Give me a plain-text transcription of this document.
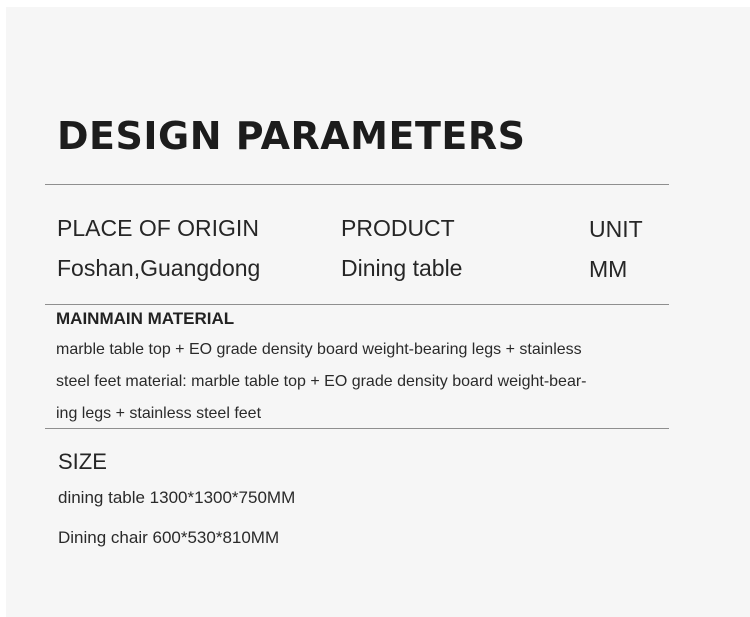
DESIGN PARAMETERS
PLACE OF ORIGIN	PRODUCT	UNIT
Foshan,Guangdong	Dining table	MM
MAINMAIN MATERIAL
marble table top + EO grade density board weight-bearing legs + stainless
steel feet material: marble table top + EO grade density board weight-bear-
ing legs + stainless steel feet
SIZE
dining table 1300*1300*750MM
Dining chair 600*530*810MM
